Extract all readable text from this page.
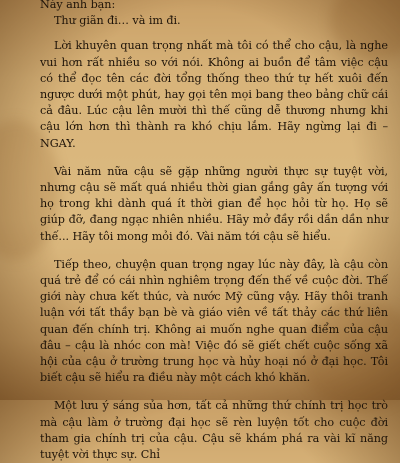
Này anh bạn:

Thư giãn đi… và im đi.

Lời khuyên quan trọng nhất mà tôi có thể cho cậu, là nghe vui hơn rất nhiều so với nói. Không ai buồn để tâm việc cậu có thể đọc tên các đời tổng thống theo thứ tự hết xuôi đến ngược dưới một phút, hay gọi tên mọi bang theo bảng chữ cái cả đâu. Lúc cậu lên mười thì thế cũng dễ thương nhưng khi cậu lớn hơn thì thành ra khó chịu lắm. Hãy ngừng lại đi – NGAY.

Vài năm nữa cậu sẽ gặp những người thực sự tuyệt vời, nhưng cậu sẽ mất quá nhiều thời gian gắng gây ấn tượng với họ trong khi dành quá ít thời gian để học hỏi từ họ. Họ sẽ giúp đỡ, đang ngạc nhiên nhiều. Hãy mở đầy rồi dần dần như thế... Hãy tôi mong mỏi đó. Vài năm tới cậu sẽ hiểu.

Tiếp theo, chuyện quan trọng ngay lúc này đây, là cậu còn quá trẻ để có cái nhìn nghiêm trọng đến thế về cuộc đời. Thế giới này chưa kết thúc, và nước Mỹ cũng vậy. Hãy thôi tranh luận với tất thầy bạn bè và giáo viên về tất thảy các thứ liên quan đến chính trị. Không ai muốn nghe quan điểm của cậu đâu – cậu là nhóc con mà! Việc đó sẽ giết chết cuộc sống xã hội của cậu ở trường trung học và hủy hoại nó ở đại học. Tôi biết cậu sẽ hiểu ra điều này một cách khó khăn.

Một lưu ý sáng sủa hơn, tất cả những thứ chính trị học trò mà cậu làm ở trường đại học sẽ rèn luyện tốt cho cuộc đời tham gia chính trị của cậu. Cậu sẽ khám phá ra vài kĩ năng tuyệt vời thực sự. Chỉ
